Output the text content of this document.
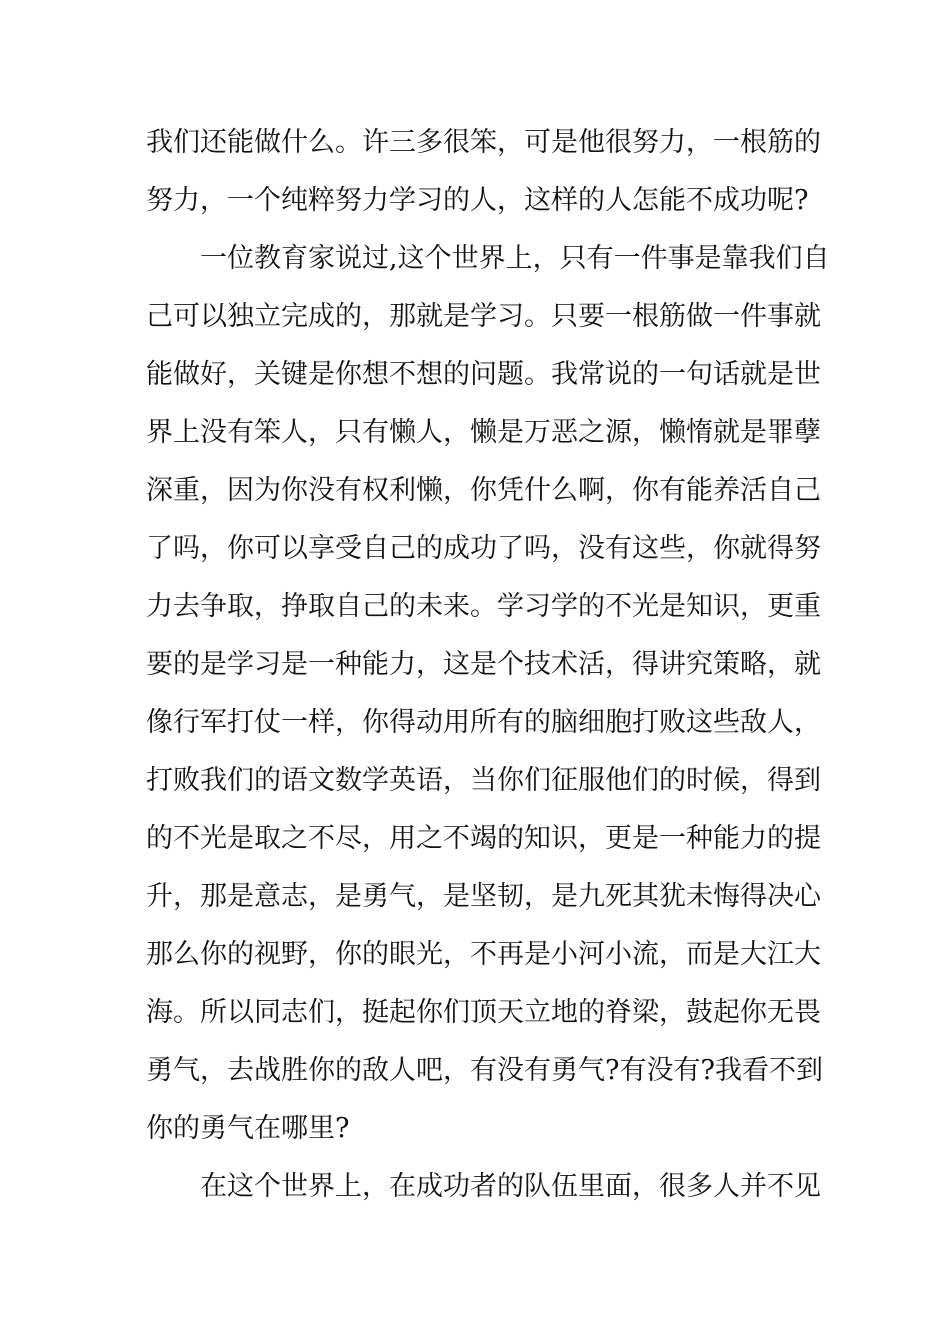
我们还能做什么。许三多很笨，可是他很努力，一根筋的
努力，一个纯粹努力学习的人，这样的人怎能不成功呢?
一位教育家说过,这个世界上，只有一件事是靠我们自
己可以独立完成的，那就是学习。只要一根筋做一件事就
能做好，关键是你想不想的问题。我常说的一句话就是世
界上没有笨人，只有懒人，懒是万恶之源，懒惰就是罪孽
深重，因为你没有权利懒，你凭什么啊，你有能养活自己
了吗，你可以享受自己的成功了吗，没有这些，你就得努
力去争取，挣取自己的未来。学习学的不光是知识，更重
要的是学习是一种能力，这是个技术活，得讲究策略，就
像行军打仗一样，你得动用所有的脑细胞打败这些敌人，
打败我们的语文数学英语，当你们征服他们的时候，得到
的不光是取之不尽，用之不竭的知识，更是一种能力的提
升，那是意志，是勇气，是坚韧，是九死其犹未悔得决心
那么你的视野，你的眼光，不再是小河小流，而是大江大
海。所以同志们，挺起你们顶天立地的脊梁，鼓起你无畏
勇气，去战胜你的敌人吧，有没有勇气?有没有?我看不到
你的勇气在哪里?
在这个世界上，在成功者的队伍里面，很多人并不见
